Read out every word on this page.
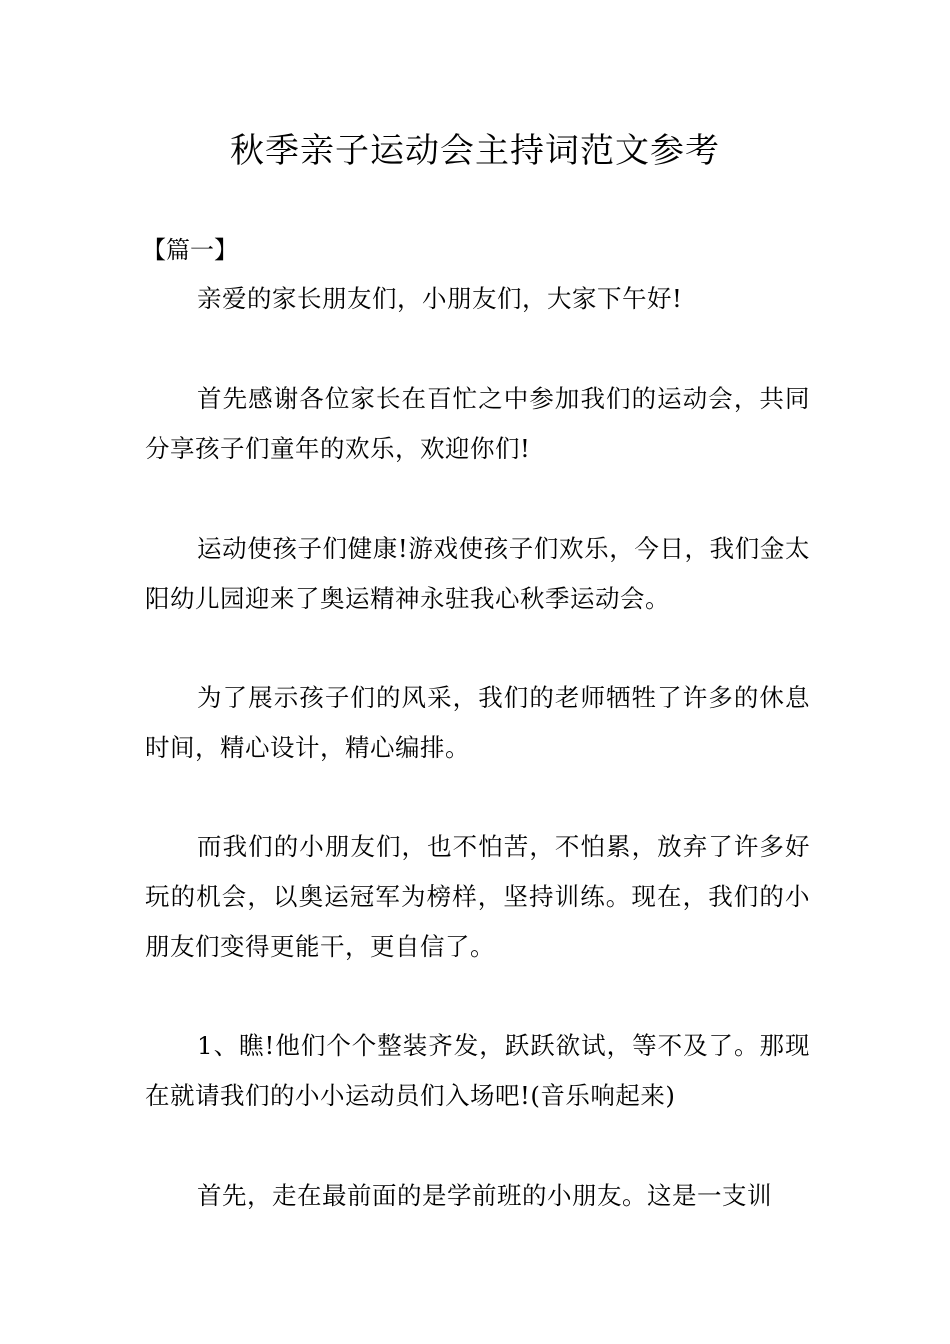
秋季亲子运动会主持词范文参考
【篇一】

亲爱的家长朋友们，小朋友们，大家下午好!

首先感谢各位家长在百忙之中参加我们的运动会，共同分享孩子们童年的欢乐，欢迎你们!

运动使孩子们健康!游戏使孩子们欢乐，今日，我们金太阳幼儿园迎来了奥运精神永驻我心秋季运动会。

为了展示孩子们的风采，我们的老师牺牲了许多的休息时间，精心设计，精心编排。

而我们的小朋友们，也不怕苦，不怕累，放弃了许多好玩的机会，以奥运冠军为榜样，坚持训练。现在，我们的小朋友们变得更能干，更自信了。

1、瞧!他们个个整装齐发，跃跃欲试，等不及了。那现在就请我们的小小运动员们入场吧!(音乐响起来)

首先，走在最前面的是学前班的小朋友。这是一支训
